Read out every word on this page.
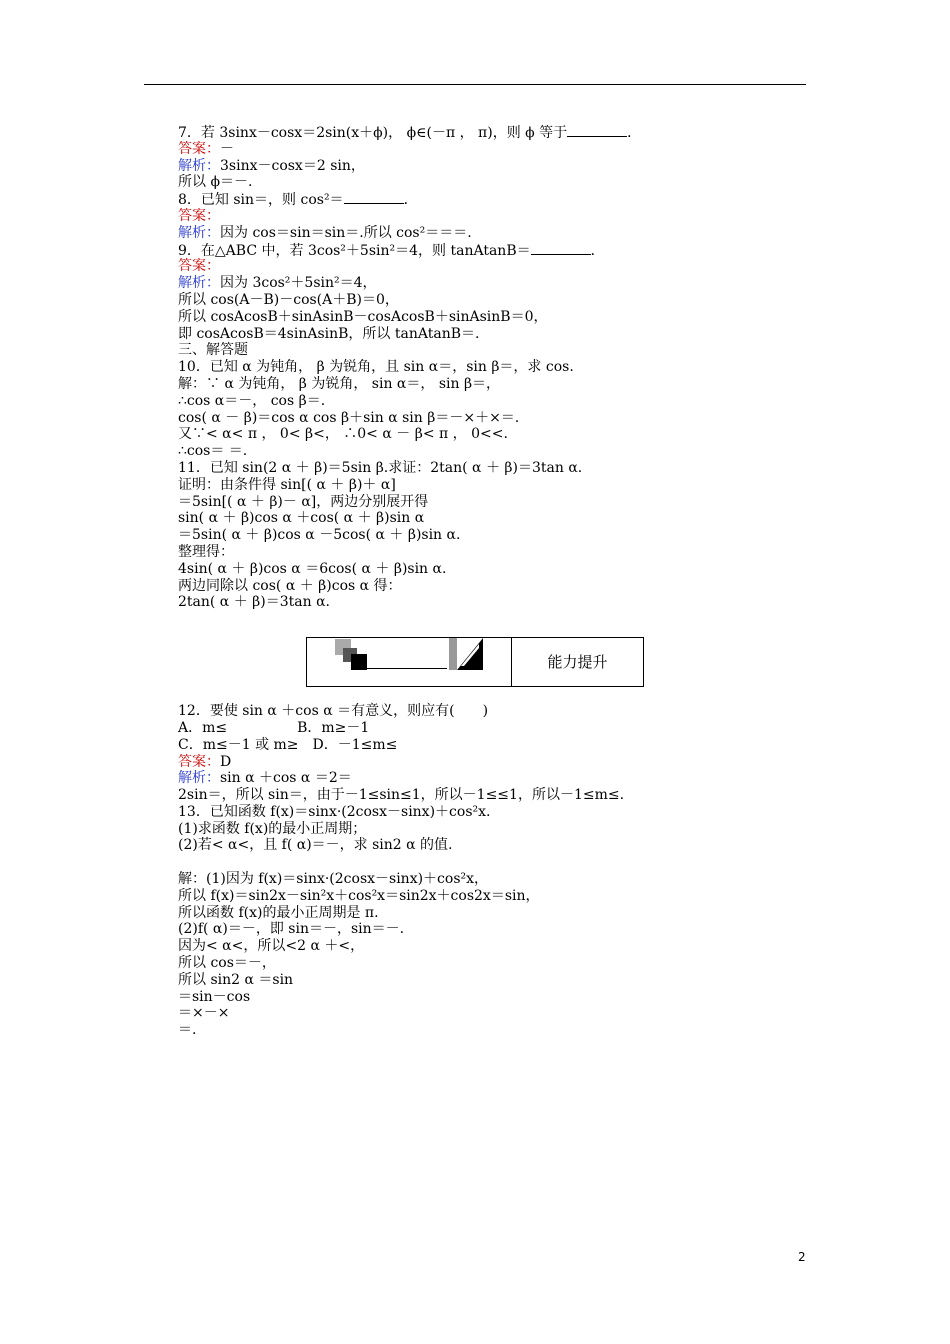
7．若 3sinx－cosx＝2sin(x＋ϕ)， ϕ∈(－π ， π)，则 ϕ 等于	．
答案：－
解析：3sinx－cosx＝2 sin，
所以 ϕ＝－.
8．已知 sin＝，则 cos²＝	．
答案：
解析：因为 cos＝sin＝sin＝.所以 cos²＝＝＝.
9．在△ABC 中，若 3cos²＋5sin²＝4，则 tanAtanB＝	．
答案：
解析：因为 3cos²＋5sin²＝4，
所以 cos(A－B)－cos(A＋B)＝0，
所以 cosAcosB＋sinAsinB－cosAcosB＋sinAsinB＝0，
即 cosAcosB＝4sinAsinB，所以 tanAtanB＝.
三、解答题
10．已知 α 为钝角， β 为锐角，且 sin α＝，sin β＝，求 cos.
解：∵ α 为钝角， β 为锐角， sin α＝， sin β＝，
∴cos α＝－， cos β＝.
cos( α － β)＝cos α cos β＋sin α sin β＝－×＋×＝.
又∵< α< π ， 0< β<， ∴0< α － β< π ， 0<<.
∴cos＝ ＝.
11．已知 sin(2 α ＋ β)＝5sin β.求证：2tan( α ＋ β)＝3tan α.
证明：由条件得 sin[( α ＋ β)＋ α]
＝5sin[( α ＋ β)－ α]，两边分别展开得
sin( α ＋ β)cos α ＋cos( α ＋ β)sin α
＝5sin( α ＋ β)cos α －5cos( α ＋ β)sin α.
整理得：
4sin( α ＋ β)cos α ＝6cos( α ＋ β)sin α.
两边同除以 cos( α ＋ β)cos α 得：
2tan( α ＋ β)＝3tan α.
能力提升
12．要使 sin α ＋cos α ＝有意义，则应有(　　)
A．m≤　　　　　B．m≥－1
C．m≤－1 或 m≥　D．－1≤m≤
答案：D
解析：sin α ＋cos α ＝2＝
2sin＝，所以 sin＝，由于－1≤sin≤1，所以－1≤≤1，所以－1≤m≤.
13．已知函数 f(x)＝sinx·(2cosx－sinx)＋cos²x.
(1)求函数 f(x)的最小正周期；
(2)若< α<，且 f( α)＝－，求 sin2 α 的值.
解：(1)因为 f(x)＝sinx·(2cosx－sinx)＋cos²x，
所以 f(x)＝sin2x－sin²x＋cos²x＝sin2x＋cos2x＝sin，
所以函数 f(x)的最小正周期是 π.
(2)f( α)＝－，即 sin＝－，sin＝－.
因为< α<，所以<2 α ＋<，
所以 cos＝－，
所以 sin2 α ＝sin
＝sin－cos
＝×－×
＝.
2
